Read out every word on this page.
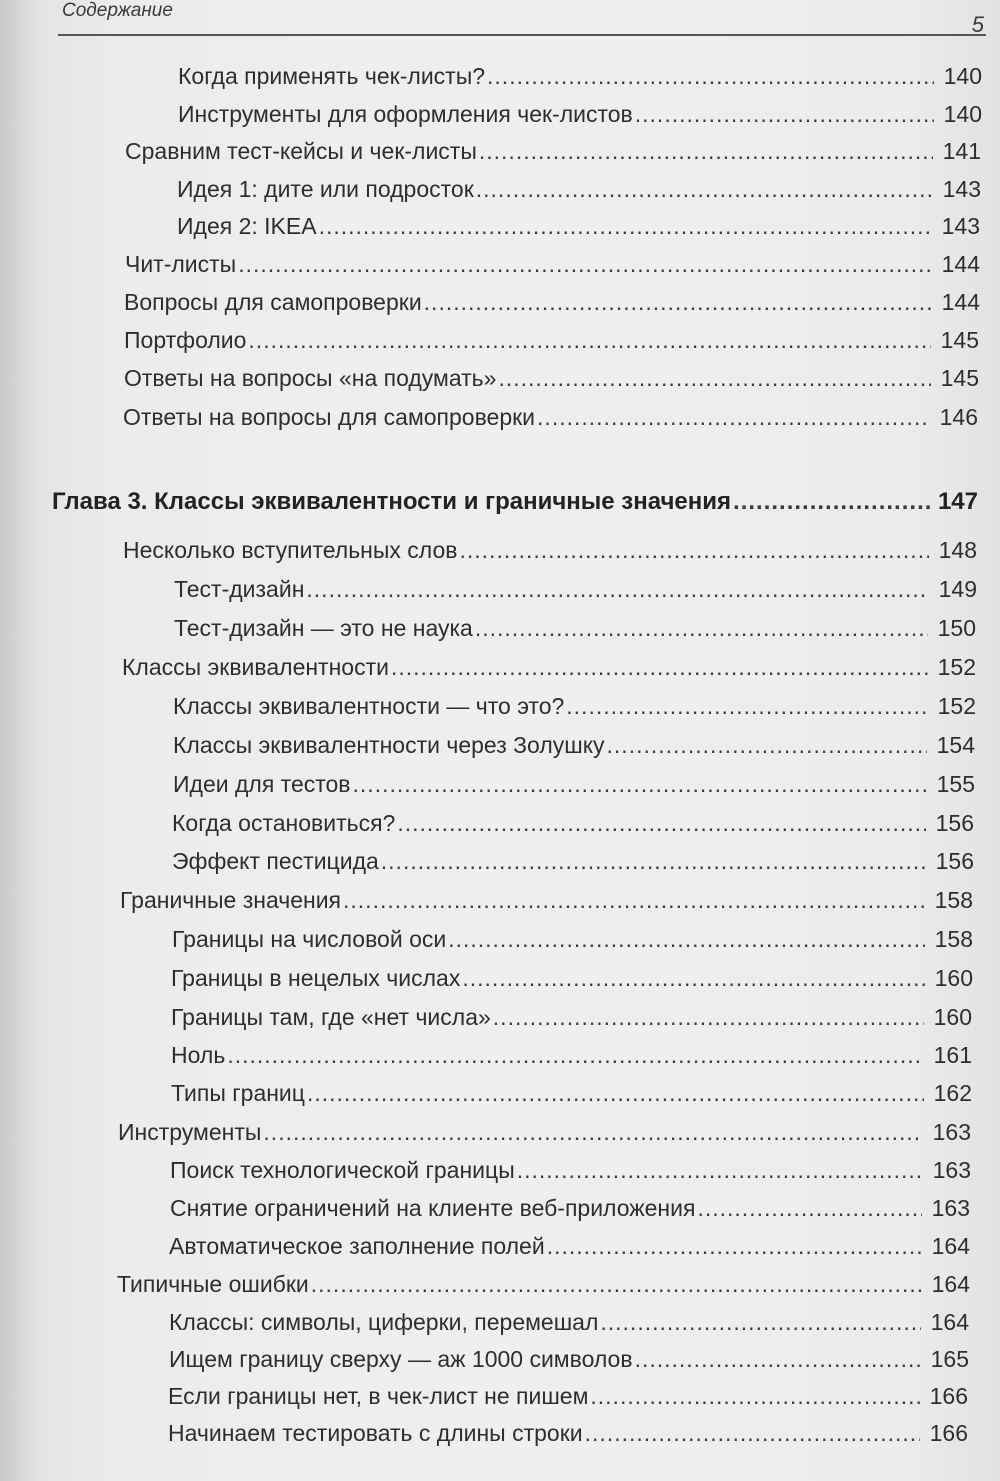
Содержание
5
Когда применять чек-листы? .....	140
Инструменты для оформления чек-листов .....	140
Сравним тест-кейсы и чек-листы .....	141
Идея 1: дите или подросток .....	143
Идея 2: IKEA .....	143
Чит-листы .....	144
Вопросы для самопроверки .....	144
Портфолио .....	145
Ответы на вопросы «на подумать» .....	145
Ответы на вопросы для самопроверки .....	146
Глава 3. Классы эквивалентности и граничные значения .....	147
Несколько вступительных слов .....	148
Тест-дизайн .....	149
Тест-дизайн — это не наука .....	150
Классы эквивалентности .....	152
Классы эквивалентности — что это? .....	152
Классы эквивалентности через Золушку .....	154
Идеи для тестов .....	155
Когда остановиться? .....	156
Эффект пестицида .....	156
Граничные значения .....	158
Границы на числовой оси .....	158
Границы в нецелых числах .....	160
Границы там, где «нет числа» .....	160
Ноль .....	161
Типы границ .....	162
Инструменты .....	163
Поиск технологической границы .....	163
Снятие ограничений на клиенте веб-приложения .....	163
Автоматическое заполнение полей .....	164
Типичные ошибки .....	164
Классы: символы, циферки, перемешал .....	164
Ищем границу сверху — аж 1000 символов .....	165
Если границы нет, в чек-лист не пишем .....	166
Начинаем тестировать с длины строки .....	166
